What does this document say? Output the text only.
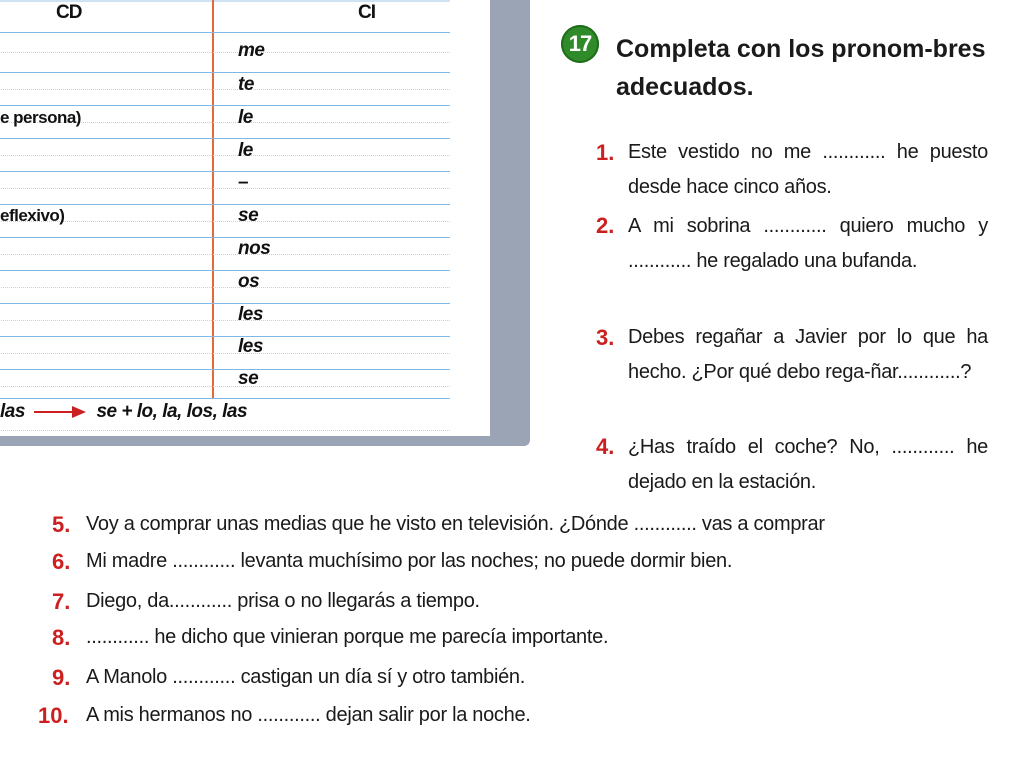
CD	CI
e persona)
eflexivo)
me
te
le
le
–
se
nos
os
les
les
se
las	se + lo, la, los, las
17 Completa con los pronom-bres adecuados.
1. Este vestido no me ............ he puesto desde hace cinco años.
2. A mi sobrina ............ quiero mucho y ............ he regalado una bufanda.
3. Debes regañar a Javier por lo que ha hecho. ¿Por qué debo rega-ñar............?
4. ¿Has traído el coche? No, ............ he dejado en la estación.
5. Voy a comprar unas medias que he visto en televisión. ¿Dónde ............ vas a comprar
6. Mi madre ............ levanta muchísimo por las noches; no puede dormir bien.
7. Diego, da............ prisa o no llegarás a tiempo.
8. ............ he dicho que vinieran porque me parecía importante.
9. A Manolo ............ castigan un día sí y otro también.
10. A mis hermanos no ............ dejan salir por la noche.
